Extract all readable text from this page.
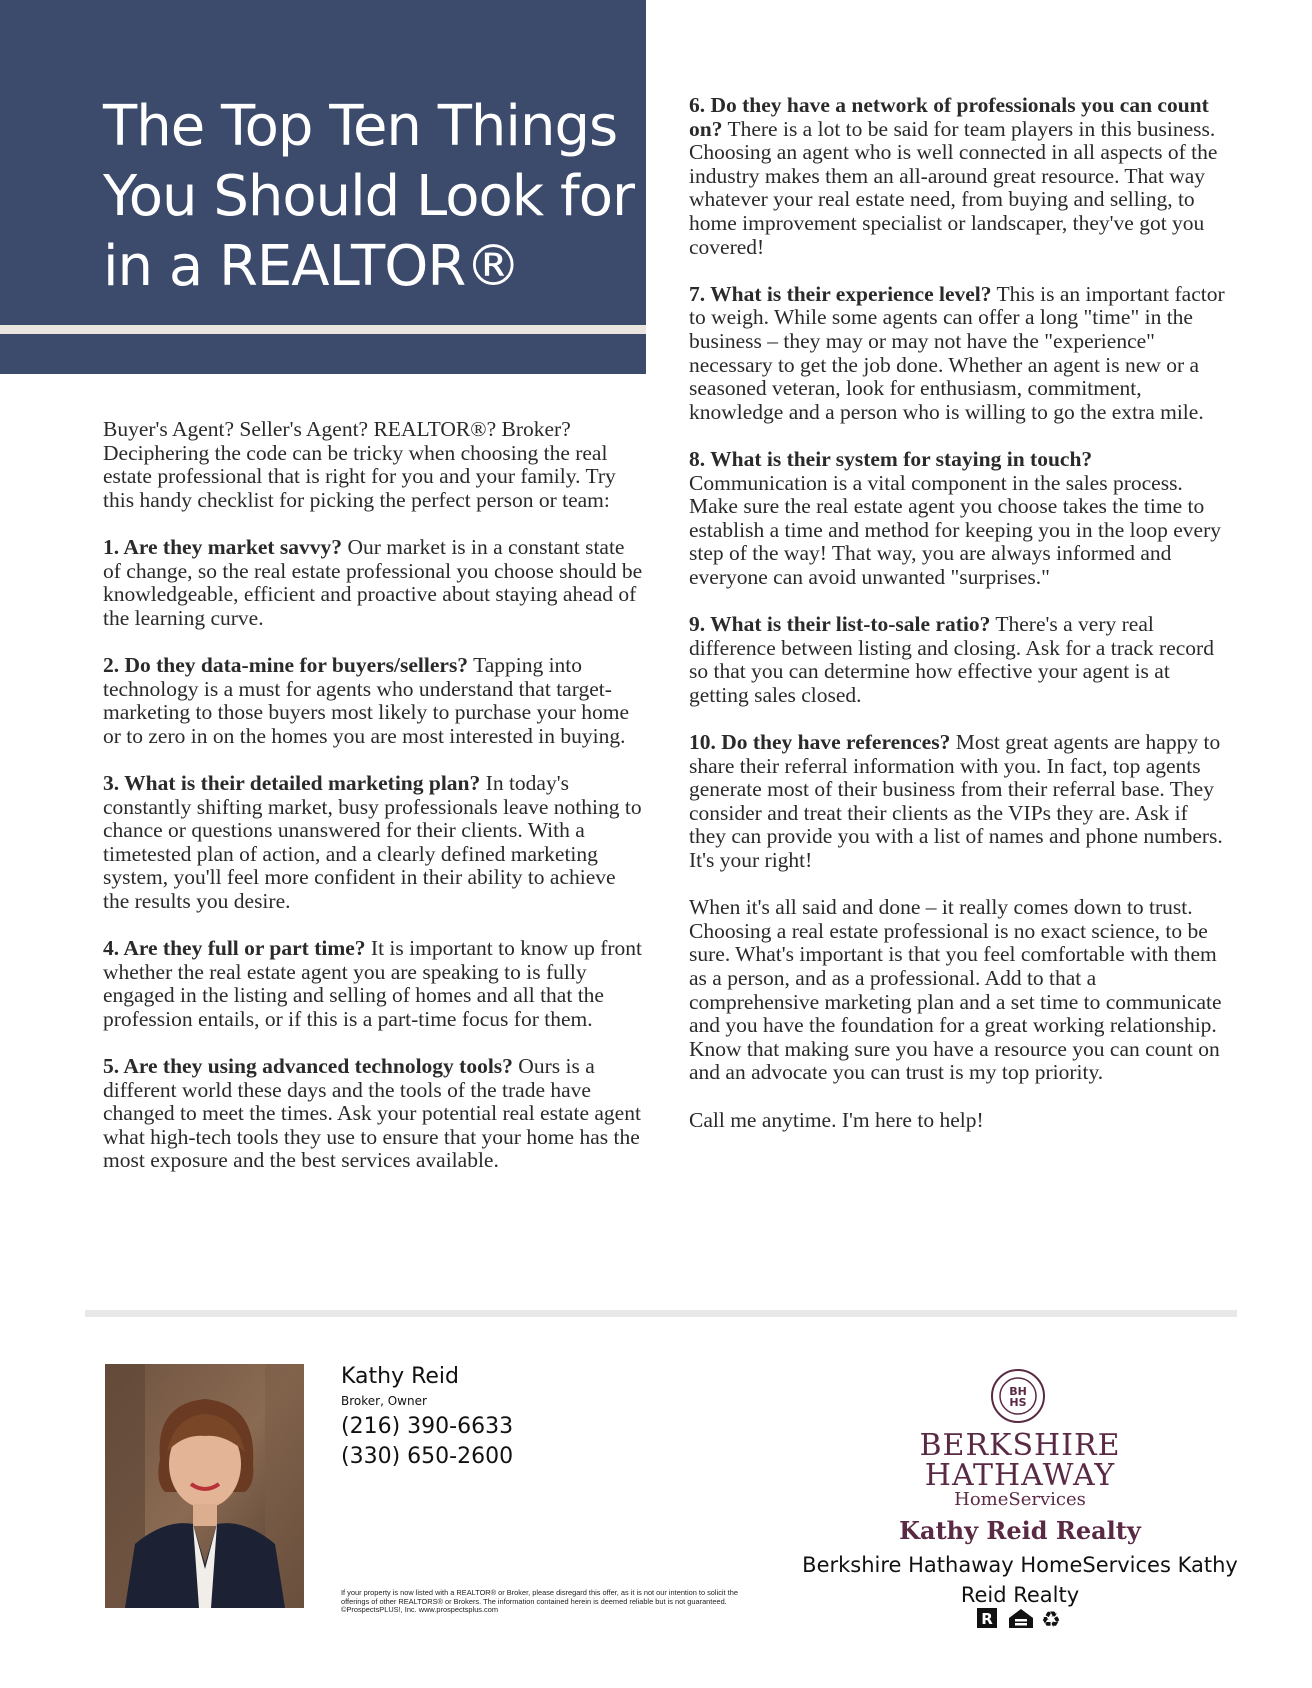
The Top Ten Things You Should Look for in a REALTOR®

Buyer's Agent? Seller's Agent? REALTOR®? Broker? Deciphering the code can be tricky when choosing the real estate professional that is right for you and your family. Try this handy checklist for picking the perfect person or team:

1. Are they market savvy? Our market is in a constant state of change, so the real estate professional you choose should be knowledgeable, efficient and proactive about staying ahead of the learning curve.

2. Do they data-mine for buyers/sellers? Tapping into technology is a must for agents who understand that target-marketing to those buyers most likely to purchase your home or to zero in on the homes you are most interested in buying.

3. What is their detailed marketing plan? In today's constantly shifting market, busy professionals leave nothing to chance or questions unanswered for their clients. With a timetested plan of action, and a clearly defined marketing system, you'll feel more confident in their ability to achieve the results you desire.

4. Are they full or part time? It is important to know up front whether the real estate agent you are speaking to is fully engaged in the listing and selling of homes and all that the profession entails, or if this is a part-time focus for them.

5. Are they using advanced technology tools? Ours is a different world these days and the tools of the trade have changed to meet the times. Ask your potential real estate agent what high-tech tools they use to ensure that your home has the most exposure and the best services available.

6. Do they have a network of professionals you can count on? There is a lot to be said for team players in this business. Choosing an agent who is well connected in all aspects of the industry makes them an all-around great resource. That way whatever your real estate need, from buying and selling, to home improvement specialist or landscaper, they've got you covered!

7. What is their experience level? This is an important factor to weigh. While some agents can offer a long "time" in the business – they may or may not have the "experience" necessary to get the job done. Whether an agent is new or a seasoned veteran, look for enthusiasm, commitment, knowledge and a person who is willing to go the extra mile.

8. What is their system for staying in touch? Communication is a vital component in the sales process. Make sure the real estate agent you choose takes the time to establish a time and method for keeping you in the loop every step of the way! That way, you are always informed and everyone can avoid unwanted "surprises."

9. What is their list-to-sale ratio? There's a very real difference between listing and closing. Ask for a track record so that you can determine how effective your agent is at getting sales closed.

10. Do they have references? Most great agents are happy to share their referral information with you. In fact, top agents generate most of their business from their referral base. They consider and treat their clients as the VIPs they are. Ask if they can provide you with a list of names and phone numbers. It's your right!

When it's all said and done – it really comes down to trust. Choosing a real estate professional is no exact science, to be sure. What's important is that you feel comfortable with them as a person, and as a professional. Add to that a comprehensive marketing plan and a set time to communicate and you have the foundation for a great working relationship. Know that making sure you have a resource you can count on and an advocate you can trust is my top priority.

Call me anytime. I'm here to help!

Kathy Reid
Broker, Owner
(216) 390-6633
(330) 650-2600
If your property is now listed with a REALTOR® or Broker, please disregard this offer, as it is not our intention to solicit the offerings of other REALTORS® or Brokers. The information contained herein is deemed reliable but is not guaranteed. ©ProspectsPLUS!, Inc. www.prospectsplus.com
BH
HS
BERKSHIRE
HATHAWAY
HomeServices
Kathy Reid Realty
Berkshire Hathaway HomeServices Kathy Reid Realty
R ♻
